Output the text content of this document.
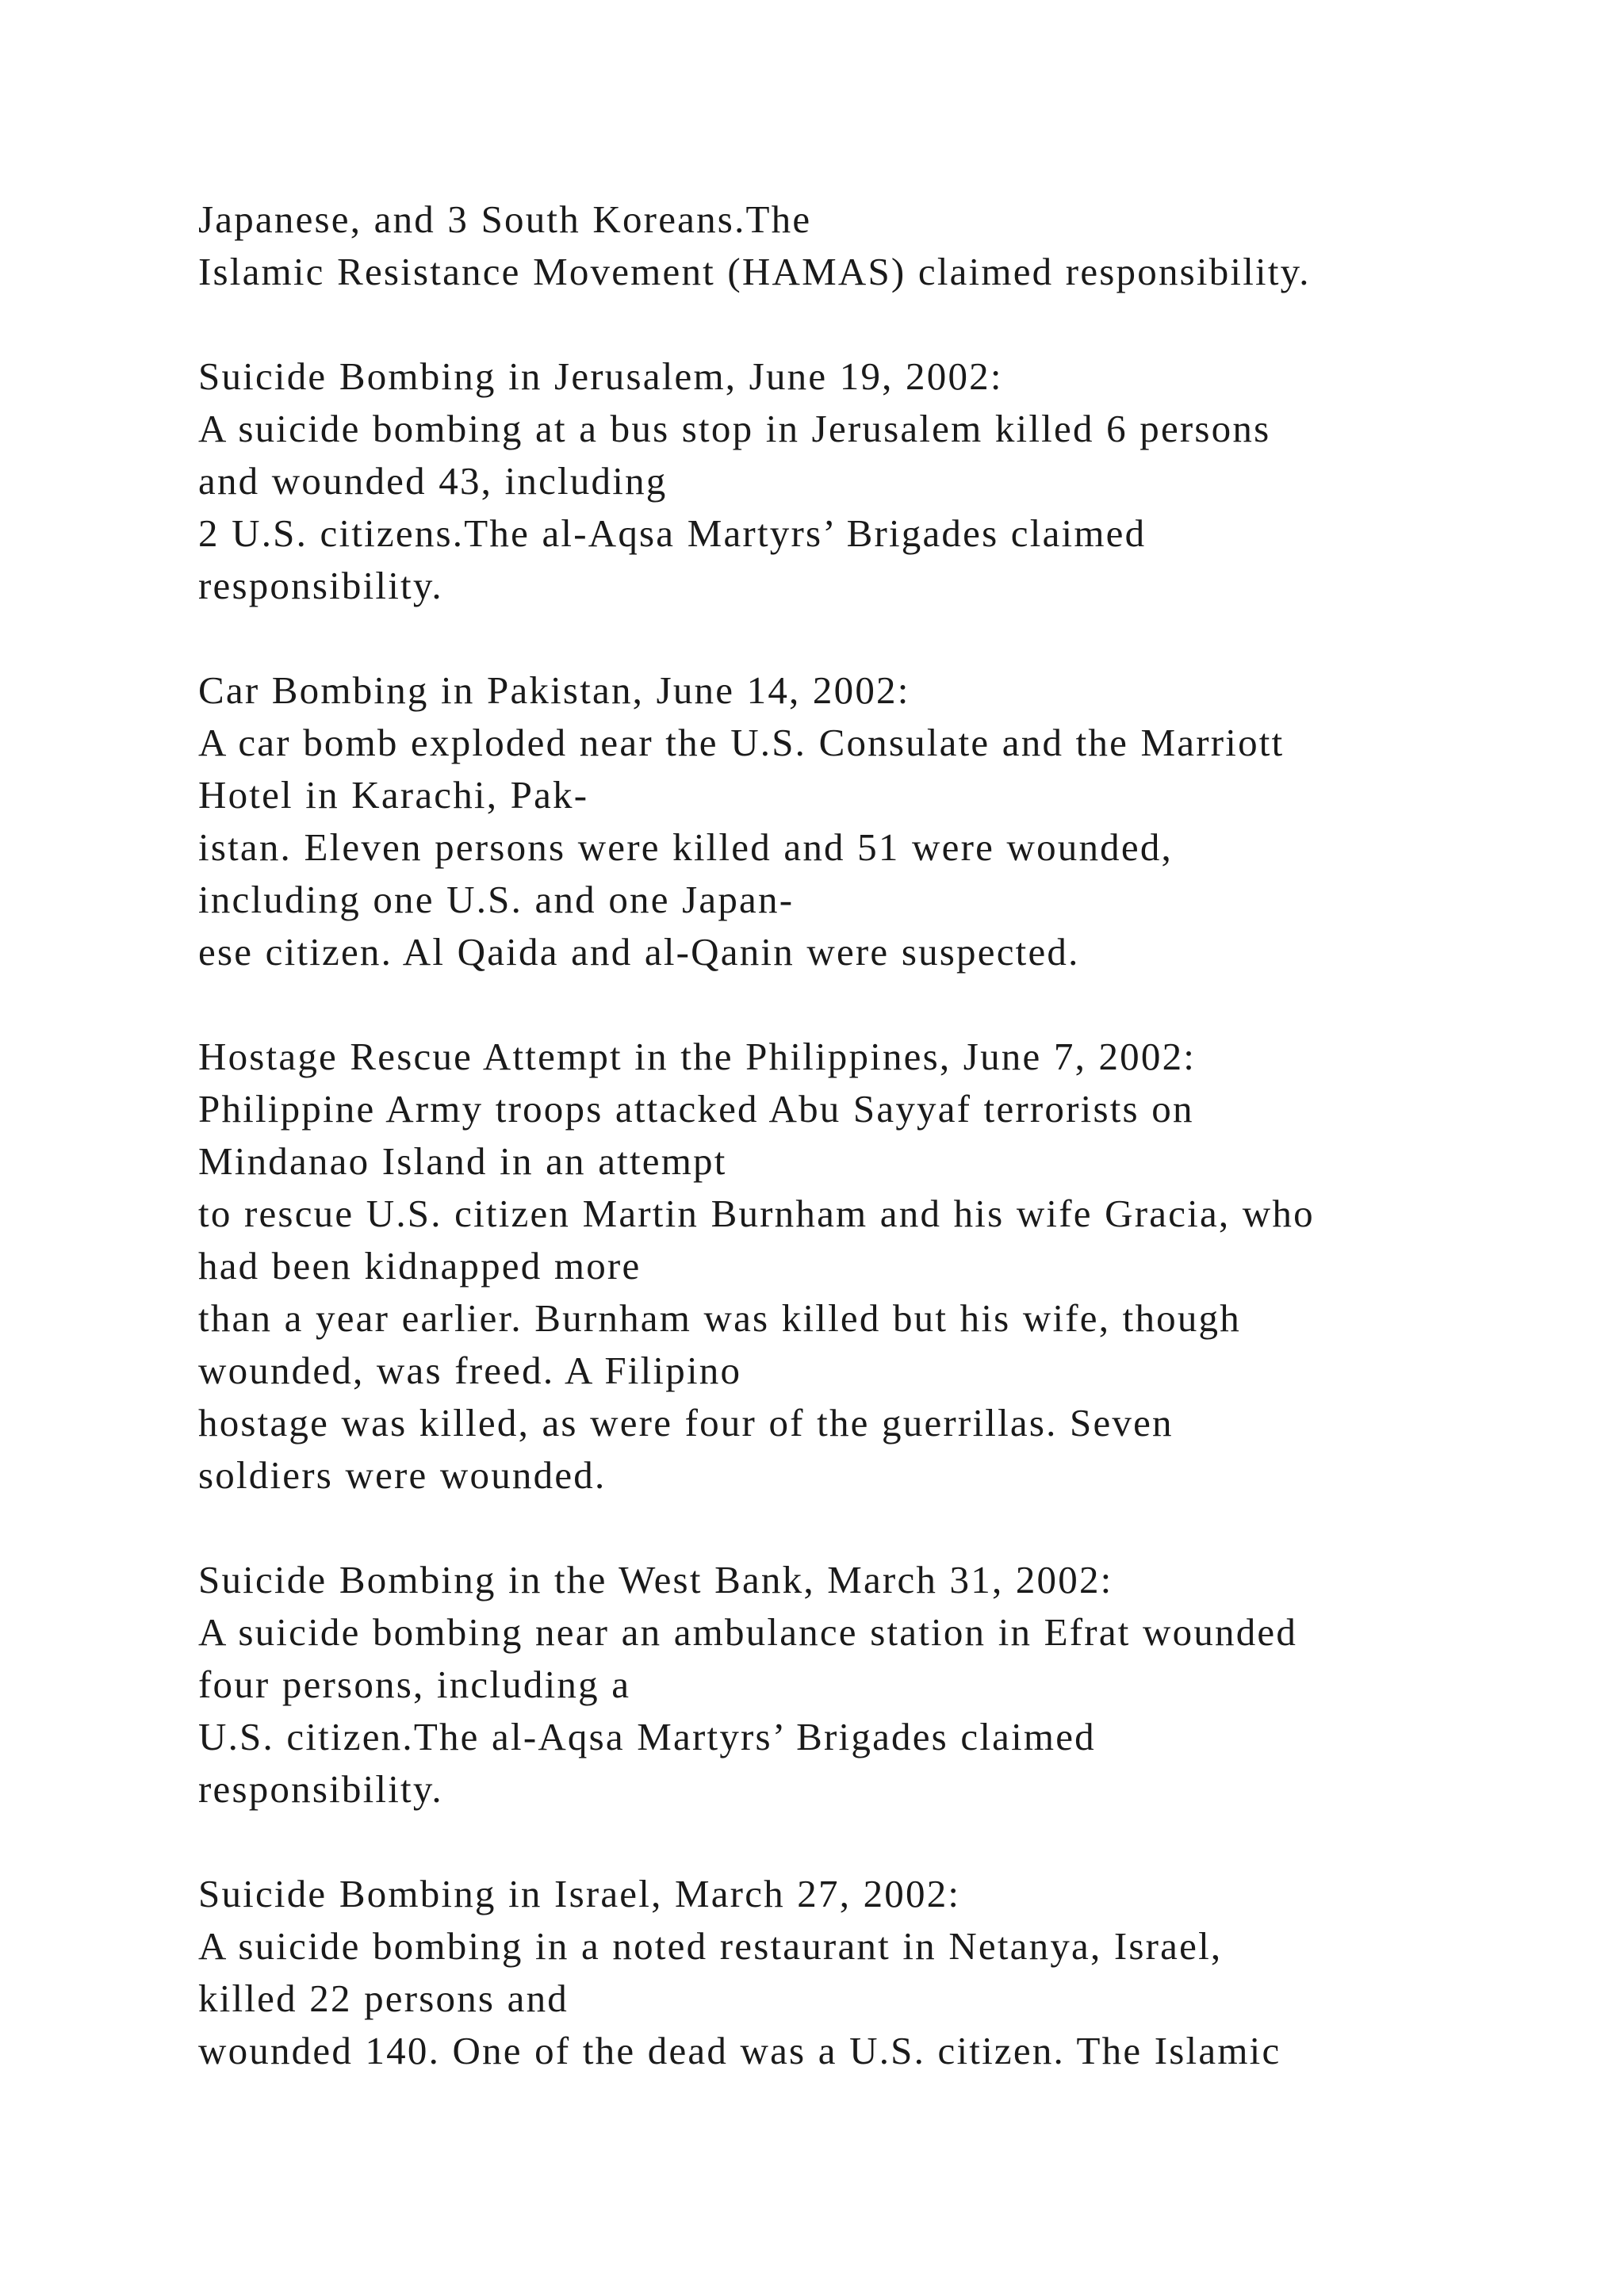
Japanese, and 3 South Koreans.The
Islamic Resistance Movement (HAMAS) claimed responsibility.
Suicide Bombing in Jerusalem, June 19, 2002:
A suicide bombing at a bus stop in Jerusalem killed 6 persons
and wounded 43, including
2 U.S. citizens.The al-Aqsa Martyrs’ Brigades claimed
responsibility.
Car Bombing in Pakistan, June 14, 2002:
A car bomb exploded near the U.S. Consulate and the Marriott
Hotel in Karachi, Pak-
istan. Eleven persons were killed and 51 were wounded,
including one U.S. and one Japan-
ese citizen. Al Qaida and al-Qanin were suspected.
Hostage Rescue Attempt in the Philippines, June 7, 2002:
Philippine Army troops attacked Abu Sayyaf terrorists on
Mindanao Island in an attempt
to rescue U.S. citizen Martin Burnham and his wife Gracia, who
had been kidnapped more
than a year earlier. Burnham was killed but his wife, though
wounded, was freed. A Filipino
hostage was killed, as were four of the guerrillas. Seven
soldiers were wounded.
Suicide Bombing in the West Bank, March 31, 2002:
A suicide bombing near an ambulance station in Efrat wounded
four persons, including a
U.S. citizen.The al-Aqsa Martyrs’ Brigades claimed
responsibility.
Suicide Bombing in Israel, March 27, 2002:
A suicide bombing in a noted restaurant in Netanya, Israel,
killed 22 persons and
wounded 140. One of the dead was a U.S. citizen. The Islamic
